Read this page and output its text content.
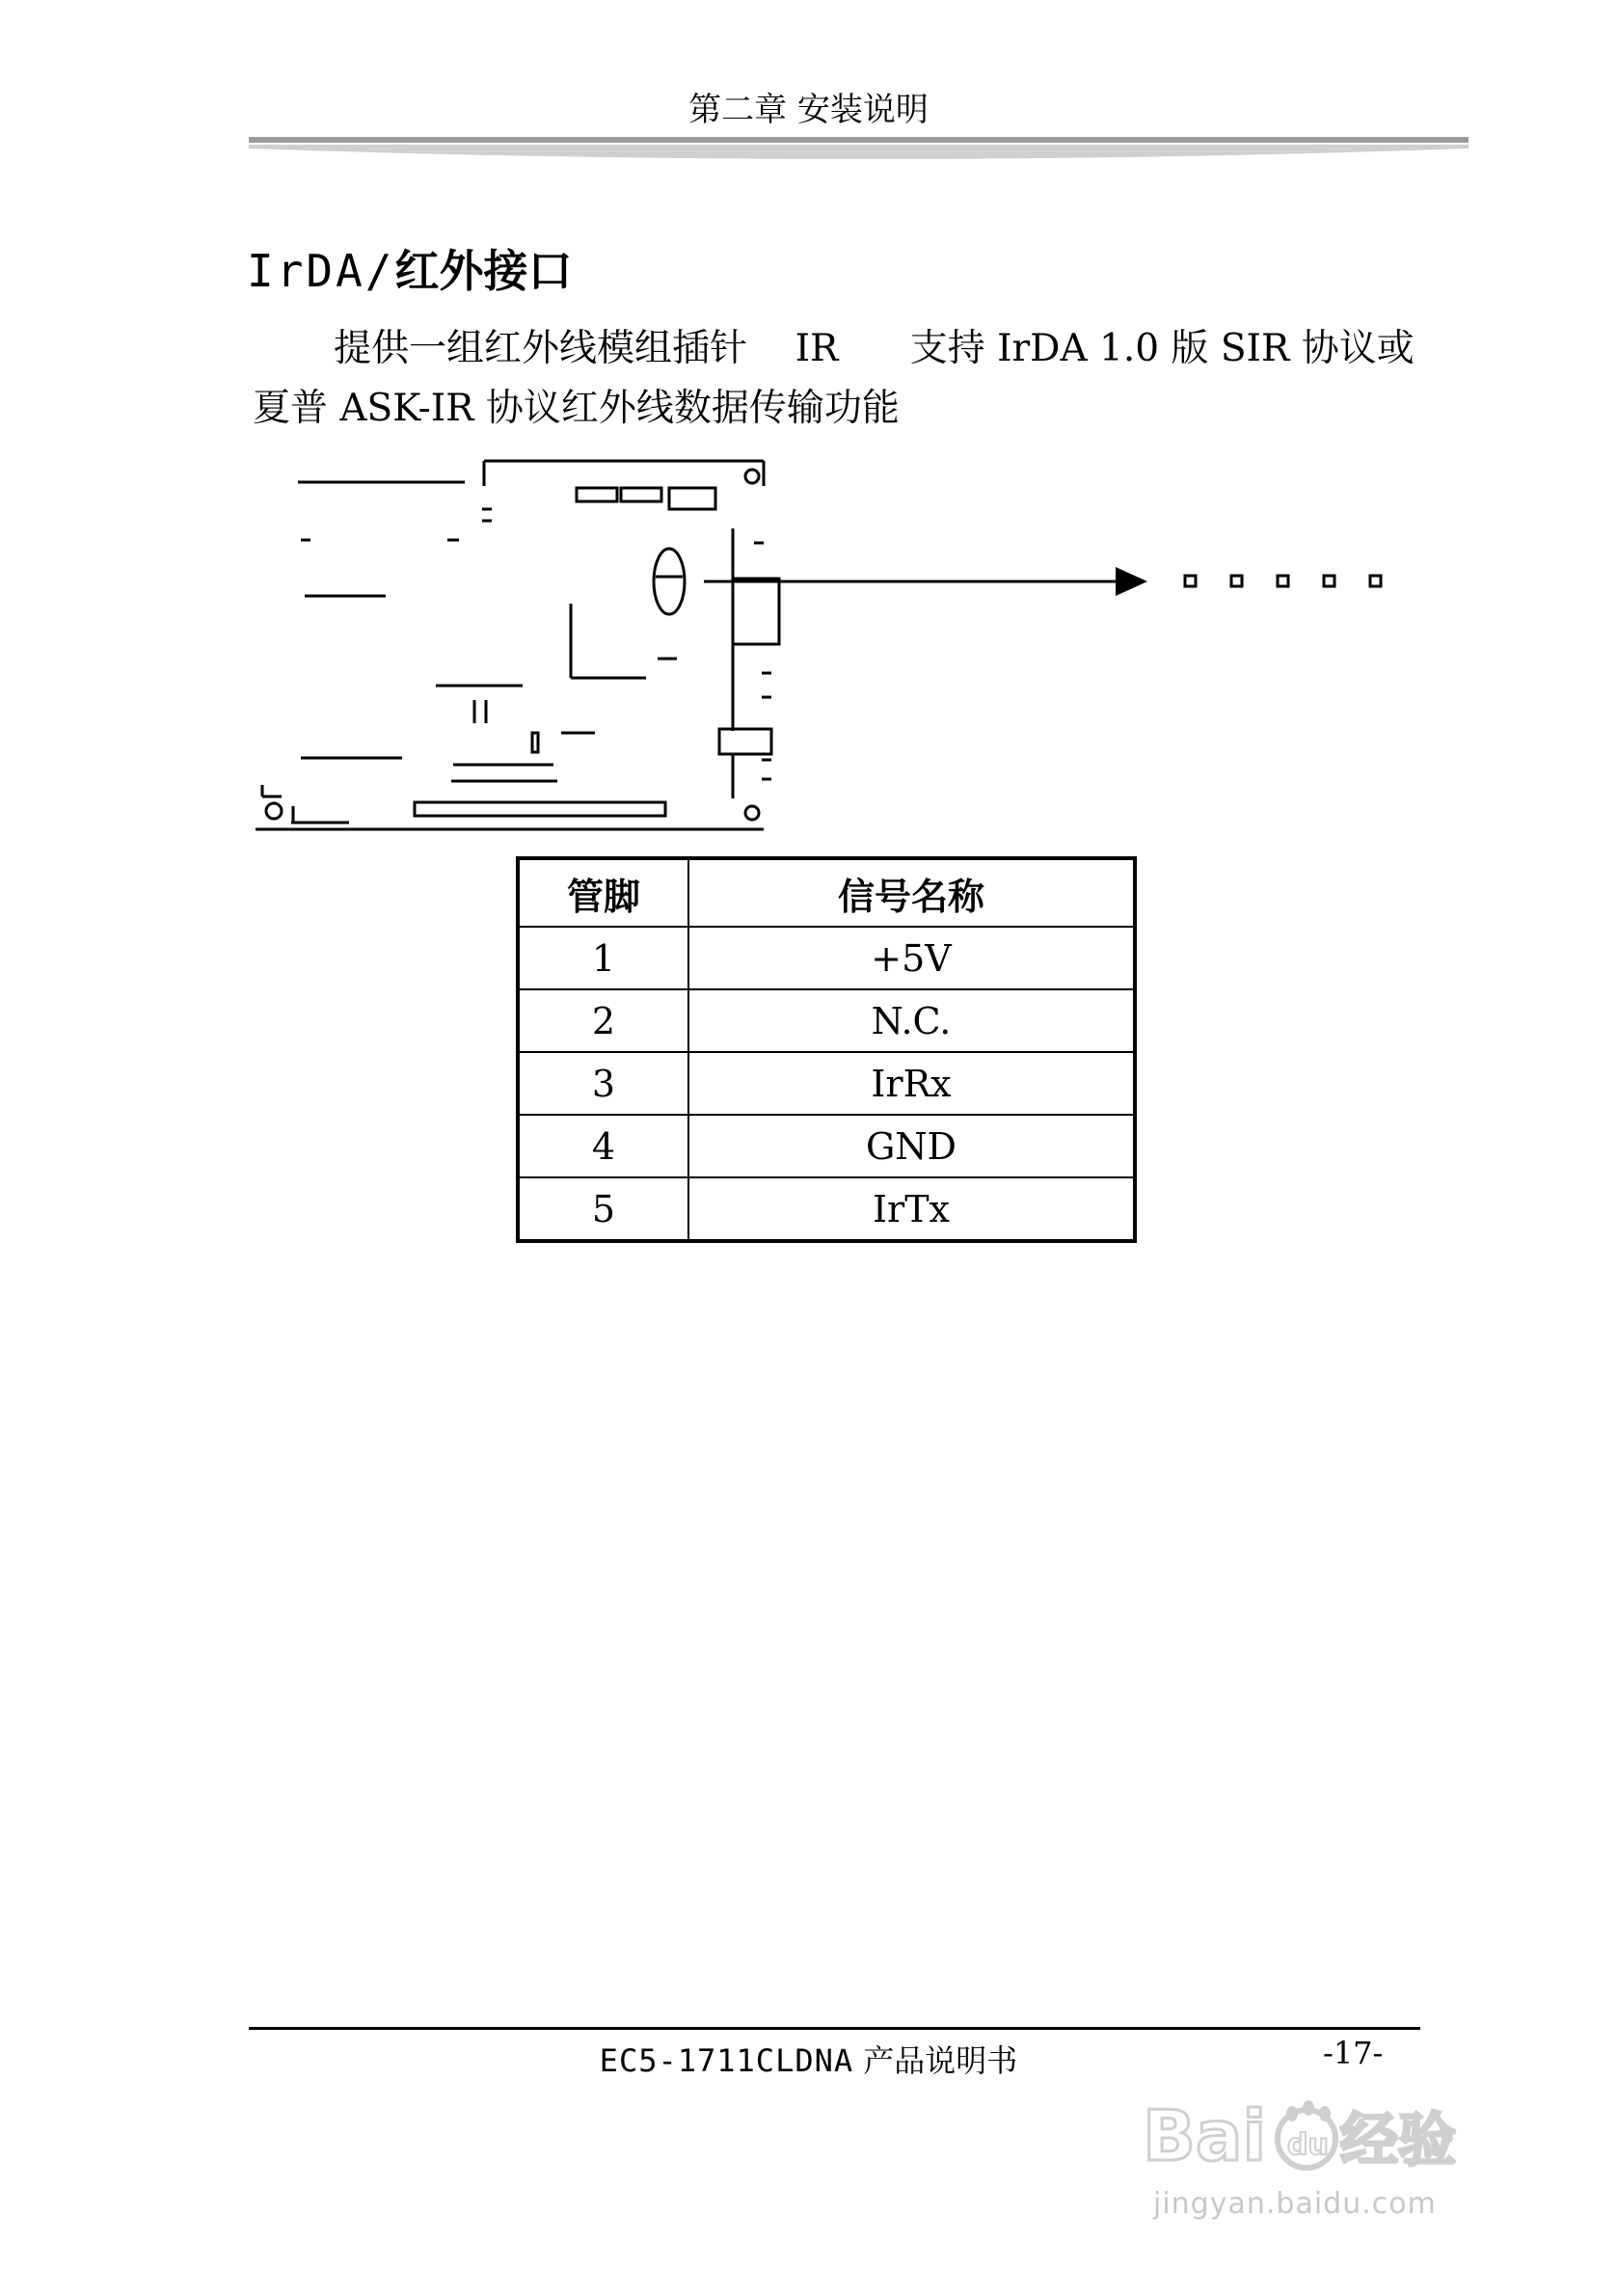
第二章 安装说明
IrDA/红外接口
提供一组红外线模组插针    IR      支持 IrDA 1.0 版 SIR 协议或
夏普 ASK-IR 协议红外线数据传输功能
管脚	信号名称
1	+5V
2	N.C.
3	IrRx
4	GND
5	IrTx
EC5-1711CLDNA 产品说明书	-17-
Bai 经验
du
jingyan.baidu.com
